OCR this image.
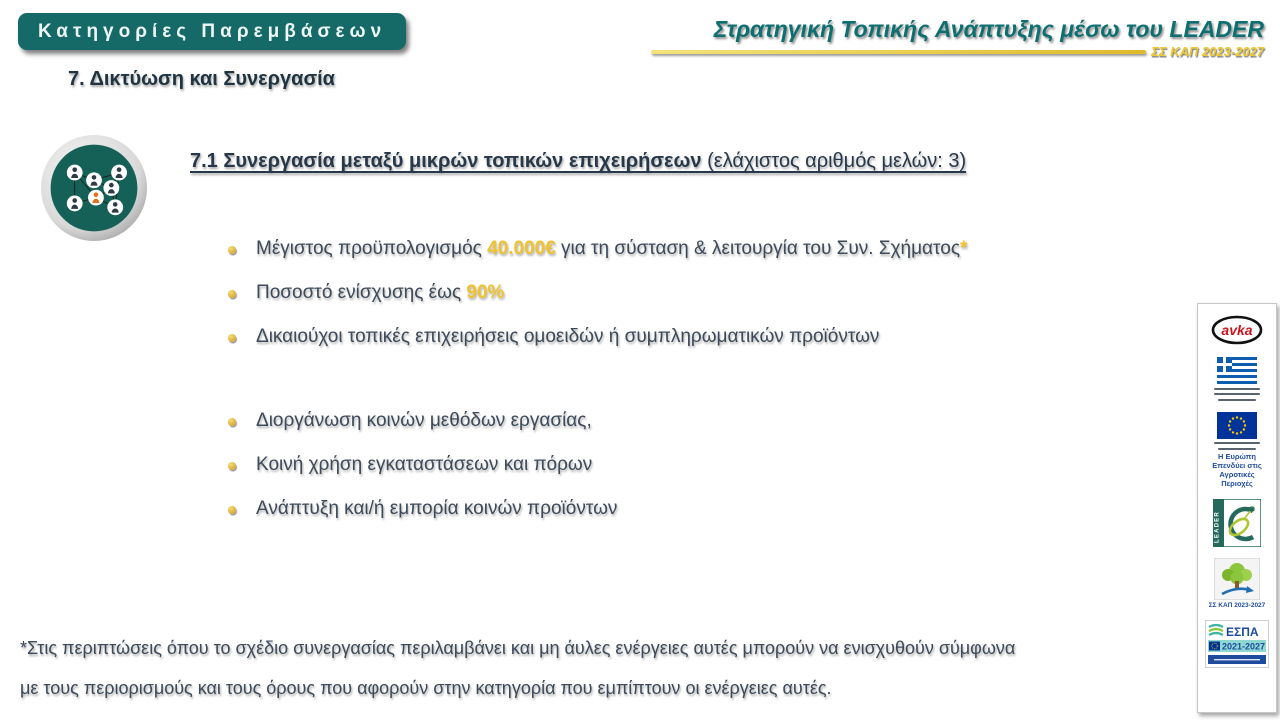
Κατηγορίες Παρεμβάσεων	Στρατηγική Τοπικής Ανάπτυξης μέσω του LEADER
ΣΣ ΚΑΠ 2023-2027
7. Δικτύωση και Συνεργασία
7.1 Συνεργασία μεταξύ μικρών τοπικών επιχειρήσεων (ελάχιστος αριθμός μελών: 3)
Μέγιστος προϋπολογισμός 40.000€ για τη σύσταση & λειτουργία του Συν. Σχήματος*
Ποσοστό ενίσχυσης έως 90%
Δικαιούχοι τοπικές επιχειρήσεις ομοειδών ή συμπληρωματικών προϊόντων
Διοργάνωση κοινών μεθόδων εργασίας,
Κοινή χρήση εγκαταστάσεων και πόρων
Ανάπτυξη και/ή εμπορία κοινών προϊόντων
*Στις περιπτώσεις όπου το σχέδιο συνεργασίας περιλαμβάνει και μη άυλες ενέργειες αυτές μπορούν να ενισχυθούν σύμφωνα
με τους περιορισμούς και τους όρους που αφορούν στην κατηγορία που εμπίπτουν οι ενέργειες αυτές.
avka
Η Ευρώπη Επενδύει στις Αγροτικές Περιοχές
LEADER
ΣΣ ΚΑΠ 2023-2027
ΕΣΠΑ
2021-2027
